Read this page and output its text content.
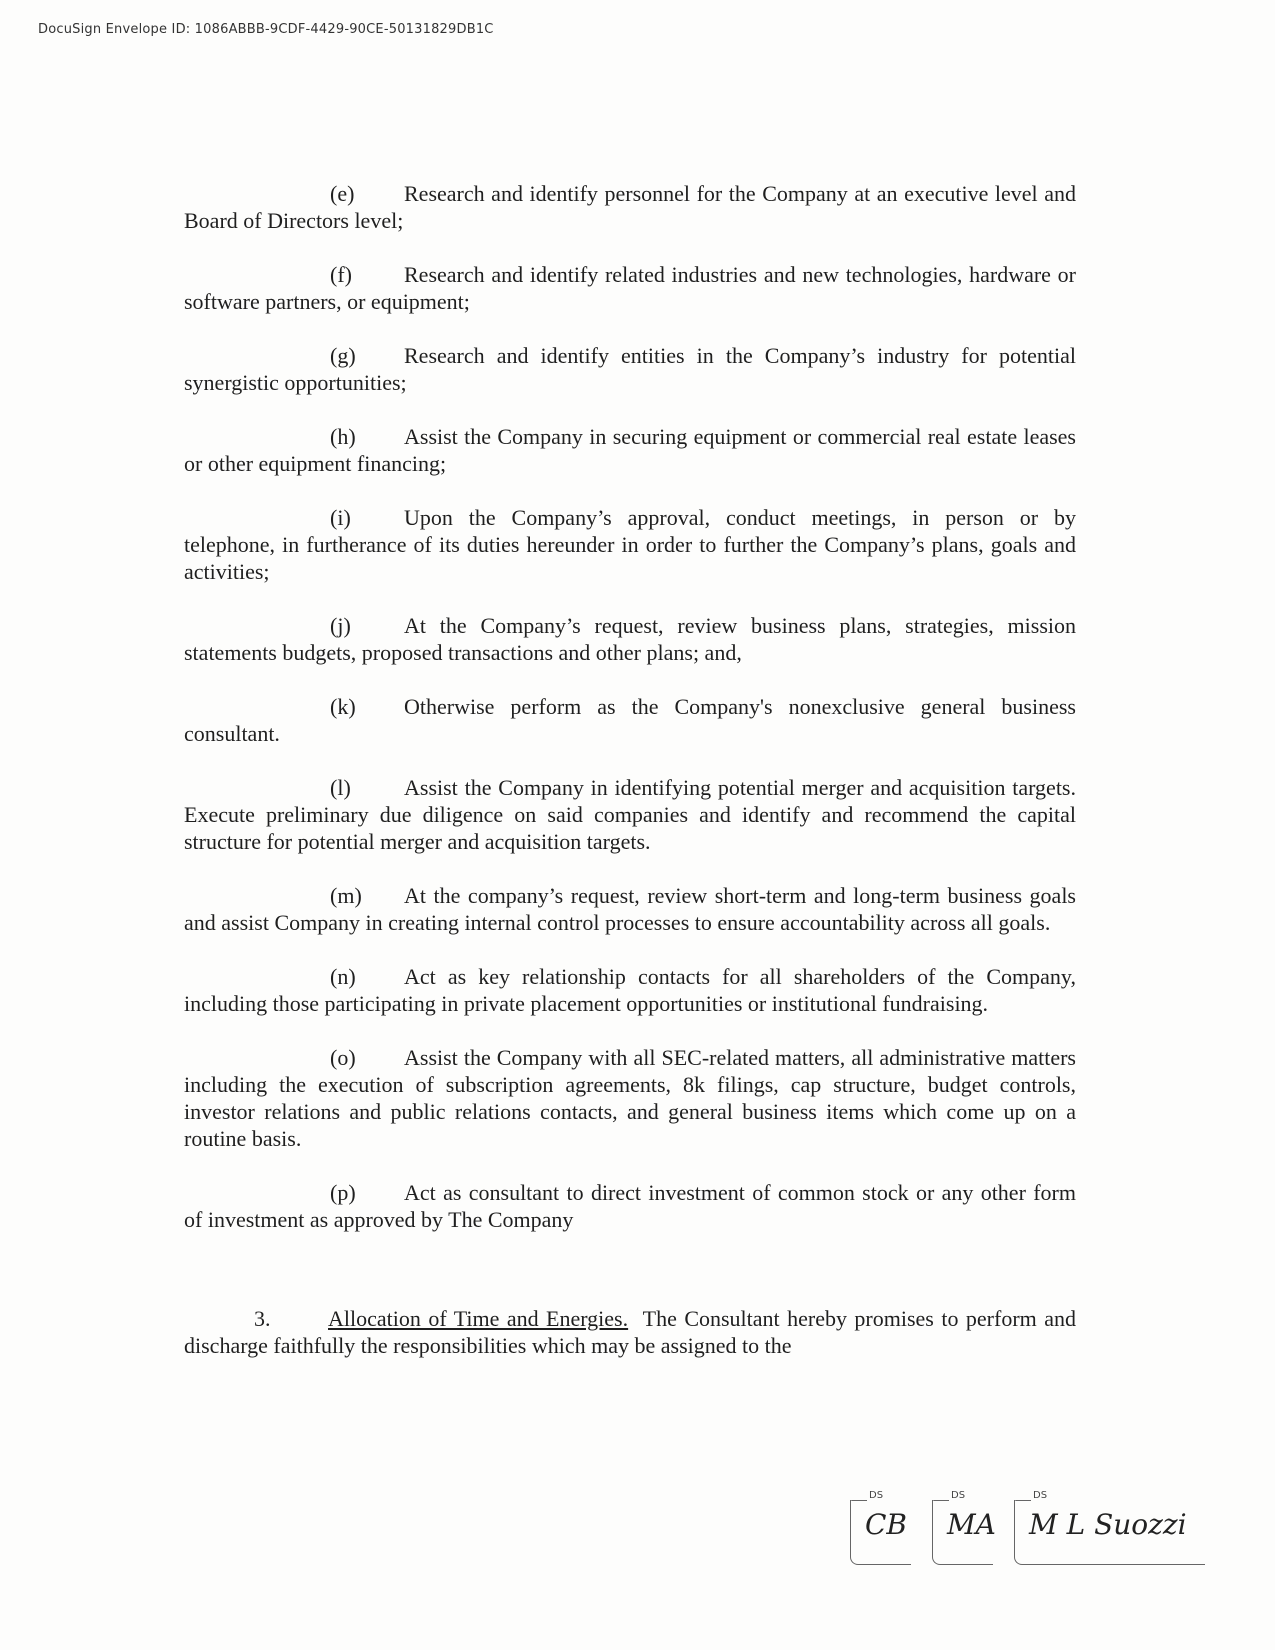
DocuSign Envelope ID: 1086ABBB-9CDF-4429-90CE-50131829DB1C

(e) Research and identify personnel for the Company at an executive level and Board of Directors level;

(f) Research and identify related industries and new technologies, hardware or software partners, or equipment;

(g) Research and identify entities in the Company’s industry for potential synergistic opportunities;

(h) Assist the Company in securing equipment or commercial real estate leases or other equipment financing;

(i) Upon the Company’s approval, conduct meetings, in person or by telephone, in furtherance of its duties hereunder in order to further the Company’s plans, goals and activities;

(j) At the Company’s request, review business plans, strategies, mission statements budgets, proposed transactions and other plans; and,

(k) Otherwise perform as the Company's nonexclusive general business consultant.

(l) Assist the Company in identifying potential merger and acquisition targets. Execute preliminary due diligence on said companies and identify and recommend the capital structure for potential merger and acquisition targets.

(m) At the company’s request, review short-term and long-term business goals and assist Company in creating internal control processes to ensure accountability across all goals.

(n) Act as key relationship contacts for all shareholders of the Company, including those participating in private placement opportunities or institutional fundraising.

(o) Assist the Company with all SEC-related matters, all administrative matters including the execution of subscription agreements, 8k filings, cap structure, budget controls, investor relations and public relations contacts, and general business items which come up on a routine basis.

(p) Act as consultant to direct investment of common stock or any other form of investment as approved by The Company

3.	Allocation of Time and Energies. The Consultant hereby promises to perform and discharge faithfully the responsibilities which may be assigned to the

DS
CB
DS
MA
DS
M L Suozzi
